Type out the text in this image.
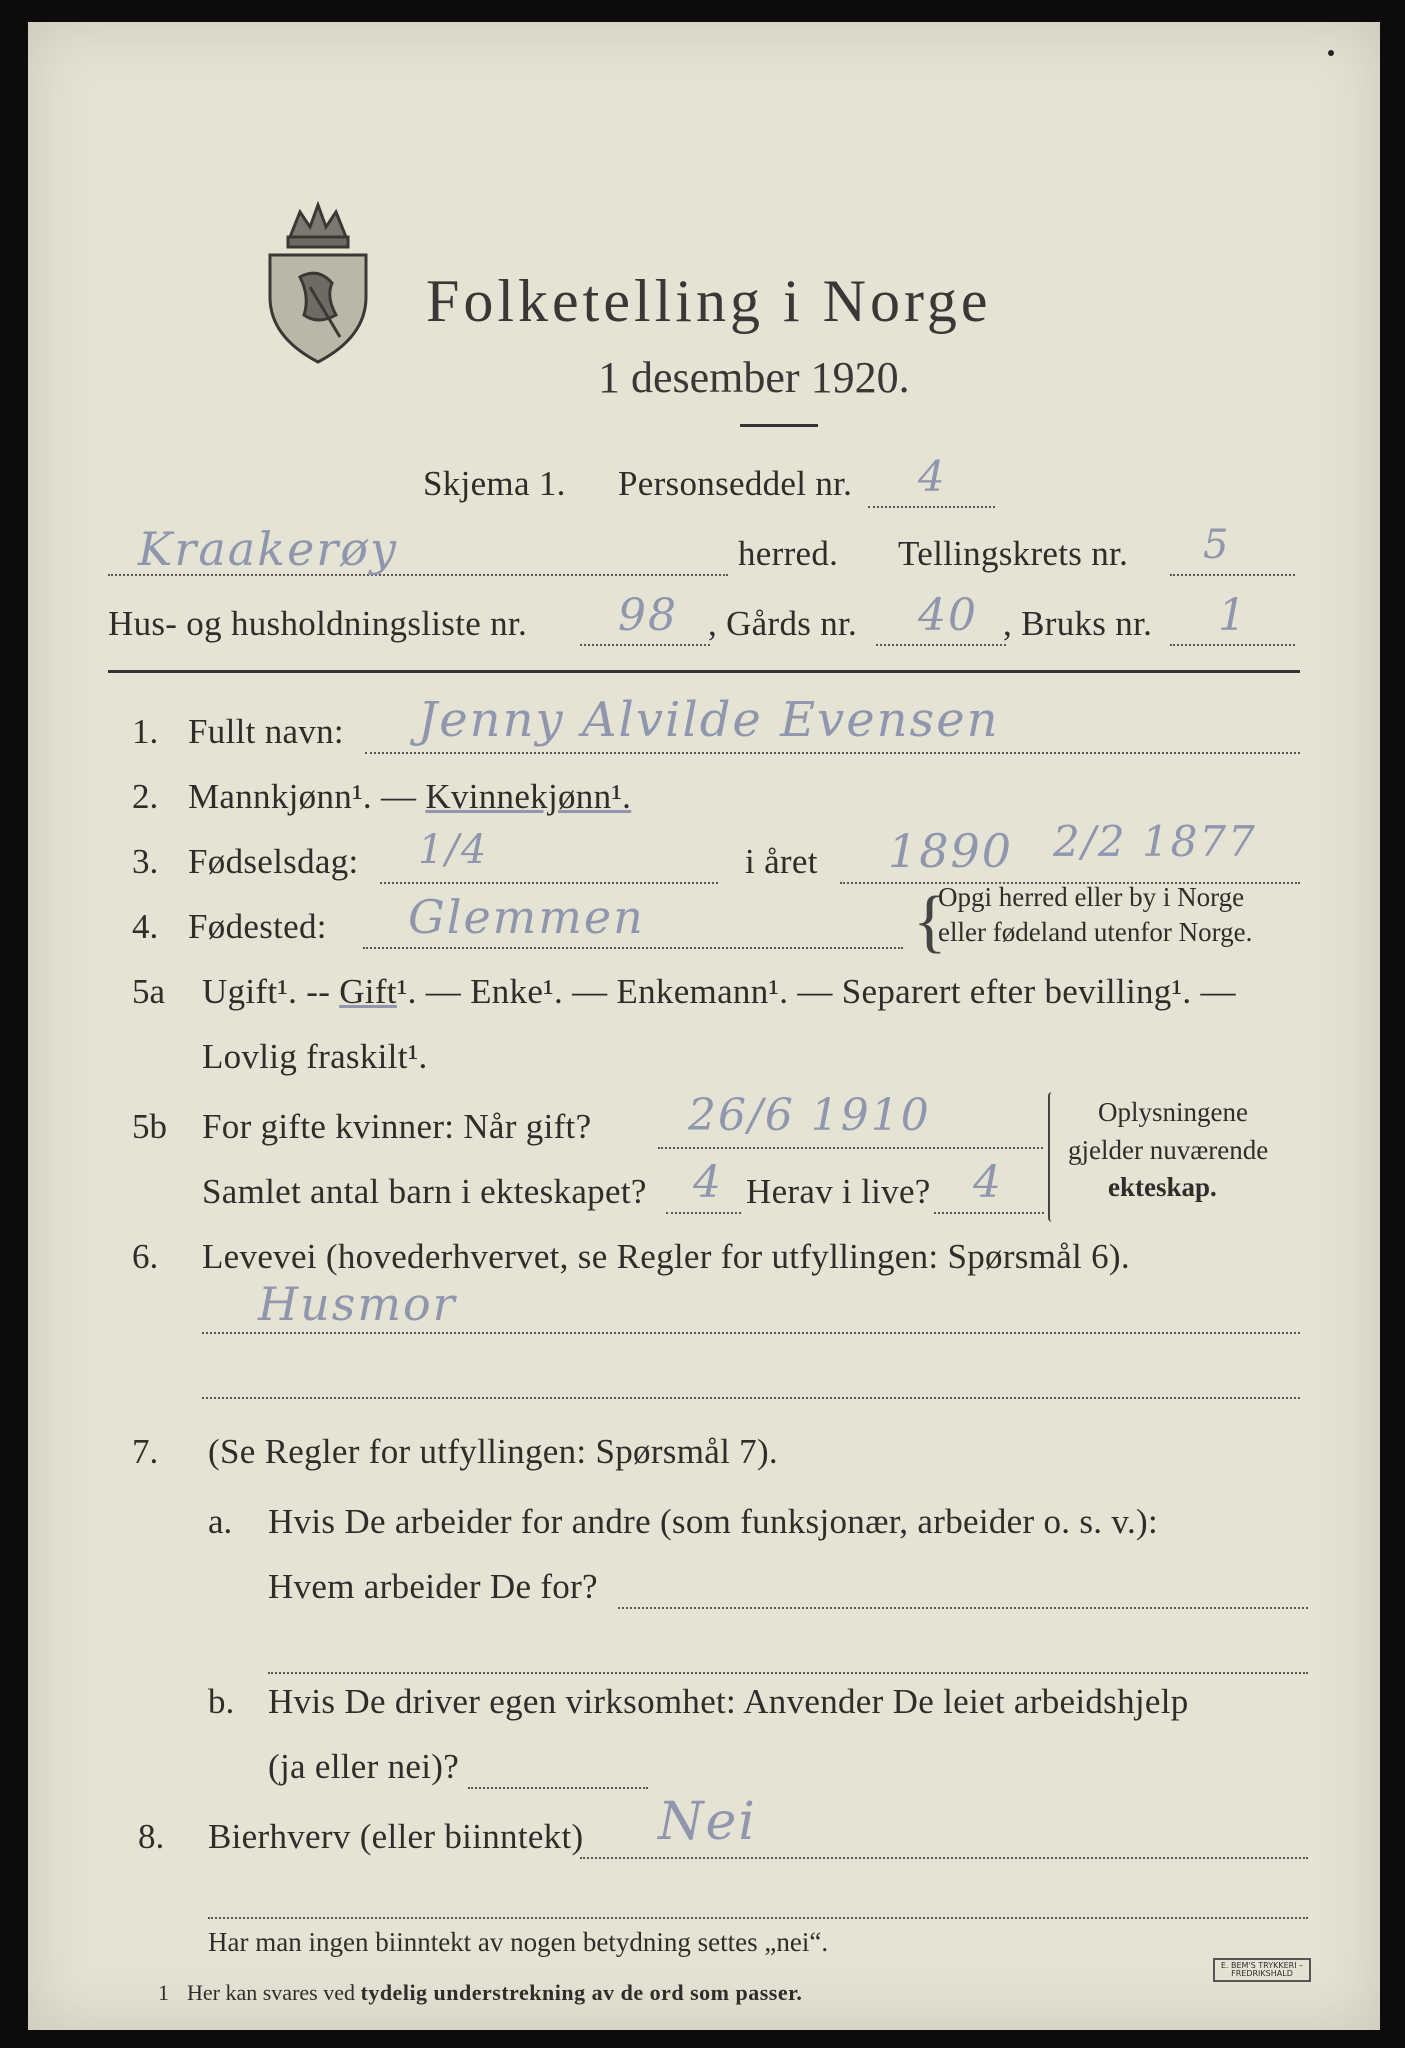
Folketelling i Norge
1 desember 1920.
Skjema 1. Personseddel nr. 4
Kraakerøy	herred. Tellingskrets nr. 5
Hus- og husholdningsliste nr. 98 , Gårds nr. 40 , Bruks nr. 1
1. Fullt navn: Jenny Alvilde Evensen
2. Mannkjønn¹. — Kvinnekjønn¹.
3. Fødselsdag: 1/4	i året 1890 2/2 1877
4. Fødested: Glemmen	{
Opgi herred eller by i Norge
eller fødeland utenfor Norge.
5a Ugift¹. -- Gift¹. — Enke¹. — Enkemann¹. — Separert efter bevilling¹. —
Lovlig fraskilt¹.
5b For gifte kvinner: Når gift? 26/6 1910
Samlet antal barn i ekteskapet? 4 Herav i live? 4
Oplysningene
gjelder nuværende
ekteskap.
6. Levevei (hovederhvervet, se Regler for utfyllingen: Spørsmål 6).
Husmor
7. (Se Regler for utfyllingen: Spørsmål 7).
a. Hvis De arbeider for andre (som funksjonær, arbeider o. s. v.):
Hvem arbeider De for?
b. Hvis De driver egen virksomhet: Anvender De leiet arbeidshjelp
(ja eller nei)?
8. Bierhverv (eller biinntekt) Nei
Har man ingen biinntekt av nogen betydning settes „nei“.
1 Her kan svares ved tydelig understrekning av de ord som passer.
E. BEM'S TRYKKERI – FREDRIKSHALD
